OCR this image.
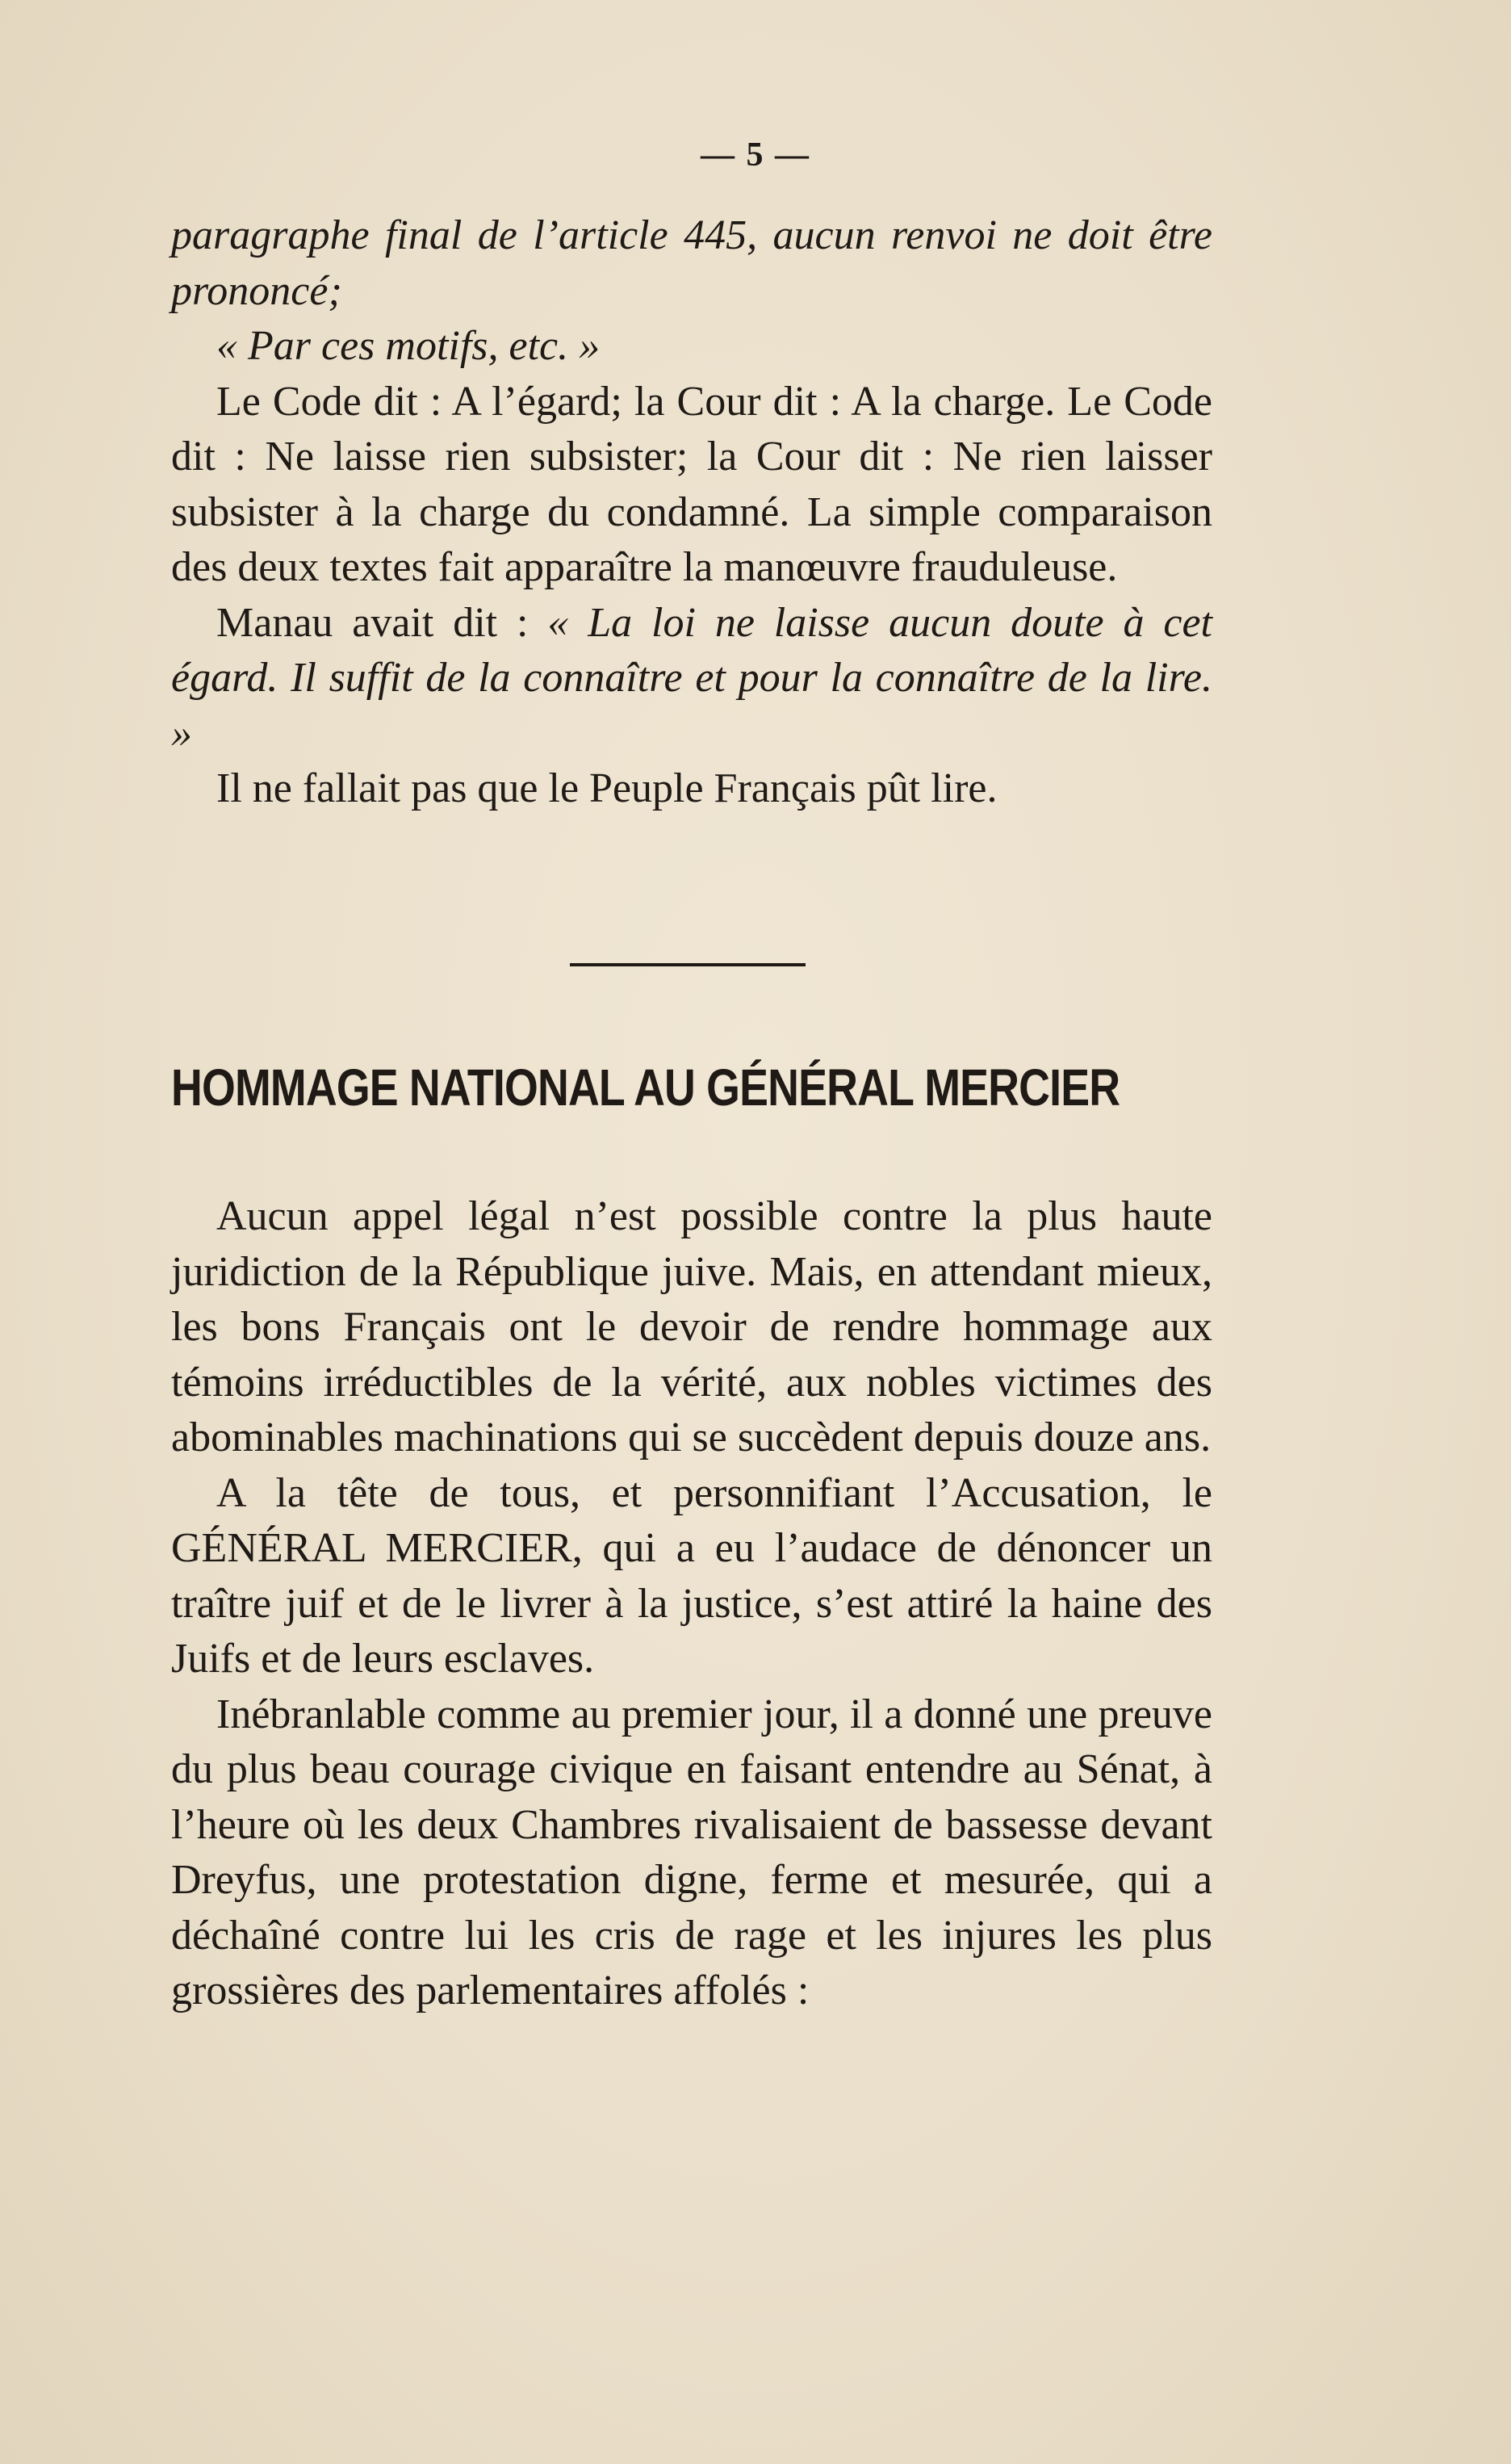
— 5 —

paragraphe final de l’article 445, aucun renvoi ne doit être prononcé;

« Par ces motifs, etc. »

Le Code dit : A l’égard; la Cour dit : A la charge. Le Code dit : Ne laisse rien subsister; la Cour dit : Ne rien laisser subsister à la charge du condamné. La simple comparaison des deux textes fait apparaître la manœuvre frauduleuse.

Manau avait dit : « La loi ne laisse aucun doute à cet égard. Il suffit de la connaître et pour la connaître de la lire. »

Il ne fallait pas que le Peuple Français pût lire.

HOMMAGE NATIONAL AU GÉNÉRAL MERCIER

Aucun appel légal n’est possible contre la plus haute juridiction de la République juive. Mais, en attendant mieux, les bons Français ont le devoir de rendre hommage aux témoins irréductibles de la vérité, aux nobles victimes des abominables machinations qui se succèdent depuis douze ans.

A la tête de tous, et personnifiant l’Accusation, le GÉNÉRAL MERCIER, qui a eu l’audace de dénoncer un traître juif et de le livrer à la justice, s’est attiré la haine des Juifs et de leurs esclaves.

Inébranlable comme au premier jour, il a donné une preuve du plus beau courage civique en faisant entendre au Sénat, à l’heure où les deux Chambres rivalisaient de bassesse devant Dreyfus, une protestation digne, ferme et mesurée, qui a déchaîné contre lui les cris de rage et les injures les plus grossières des parlementaires affolés :
